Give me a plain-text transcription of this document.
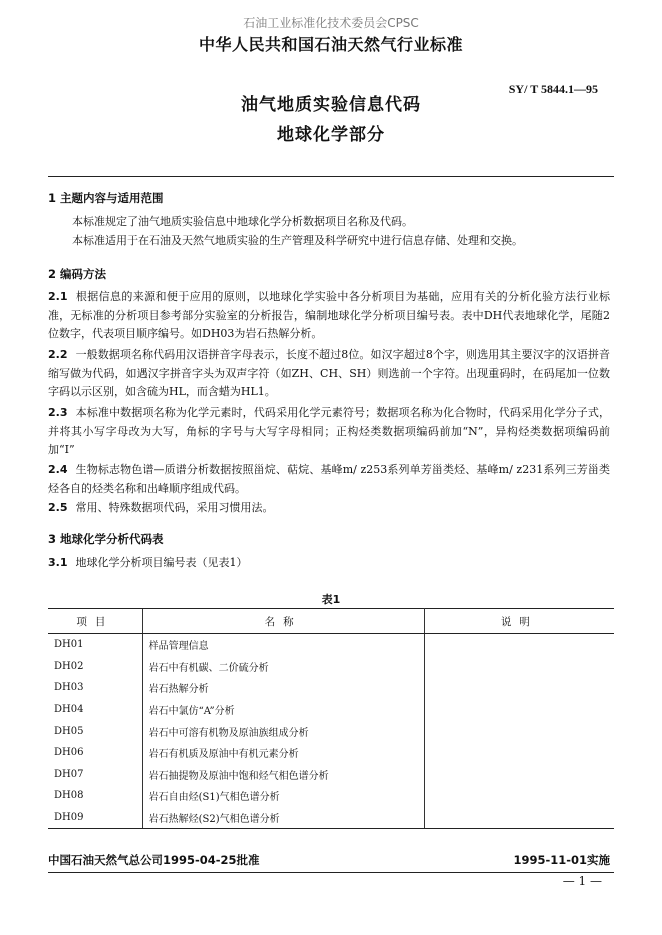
石油工业标准化技术委员会CPSC
中华人民共和国石油天然气行业标准
SY/ T 5844.1—95
油气地质实验信息代码
地球化学部分
1 主题内容与适用范围
本标准规定了油气地质实验信息中地球化学分析数据项目名称及代码。
本标准适用于在石油及天然气地质实验的生产管理及科学研究中进行信息存储、处理和交换。
2 编码方法
2.1 根据信息的来源和便于应用的原则，以地球化学实验中各分析项目为基础，应用有关的分析化验方法行业标准，无标准的分析项目参考部分实验室的分析报告，编制地球化学分析项目编号表。表中DH代表地球化学，尾随2位数字，代表项目顺序编号。如DH03为岩石热解分析。
2.2 一般数据项名称代码用汉语拼音字母表示，长度不超过8位。如汉字超过8个字，则选用其主要汉字的汉语拼音缩写做为代码，如遇汉字拼音字头为双声字符（如ZH、CH、SH）则选前一个字符。出现重码时，在码尾加一位数字码以示区别，如含硫为HL，而含蜡为HL1。
2.3 本标准中数据项名称为化学元素时，代码采用化学元素符号；数据项名称为化合物时，代码采用化学分子式，并将其小写字母改为大写，角标的字号与大写字母相同；正构烃类数据项编码前加“N”，异构烃类数据项编码前加“I”
2.4 生物标志物色谱—质谱分析数据按照甾烷、萜烷、基峰m/ z253系列单芳甾类烃、基峰m/ z231系列三芳甾类烃各自的烃类名称和出峰顺序组成代码。
2.5 常用、特殊数据项代码，采用习惯用法。
3 地球化学分析代码表
3.1 地球化学分析项目编号表（见表1）
表1
项目	名称	说明
DH01	样品管理信息	
DH02	岩石中有机碳、二价硫分析	
DH03	岩石热解分析	
DH04	岩石中氯仿“A”分析	
DH05	岩石中可溶有机物及原油族组成分析	
DH06	岩石有机质及原油中有机元素分析	
DH07	岩石抽提物及原油中饱和烃气相色谱分析	
DH08	岩石自由烃(S1)气相色谱分析	
DH09	岩石热解烃(S2)气相色谱分析	
中国石油天然气总公司1995-04-25批准	1995-11-01实施
— 1 —
